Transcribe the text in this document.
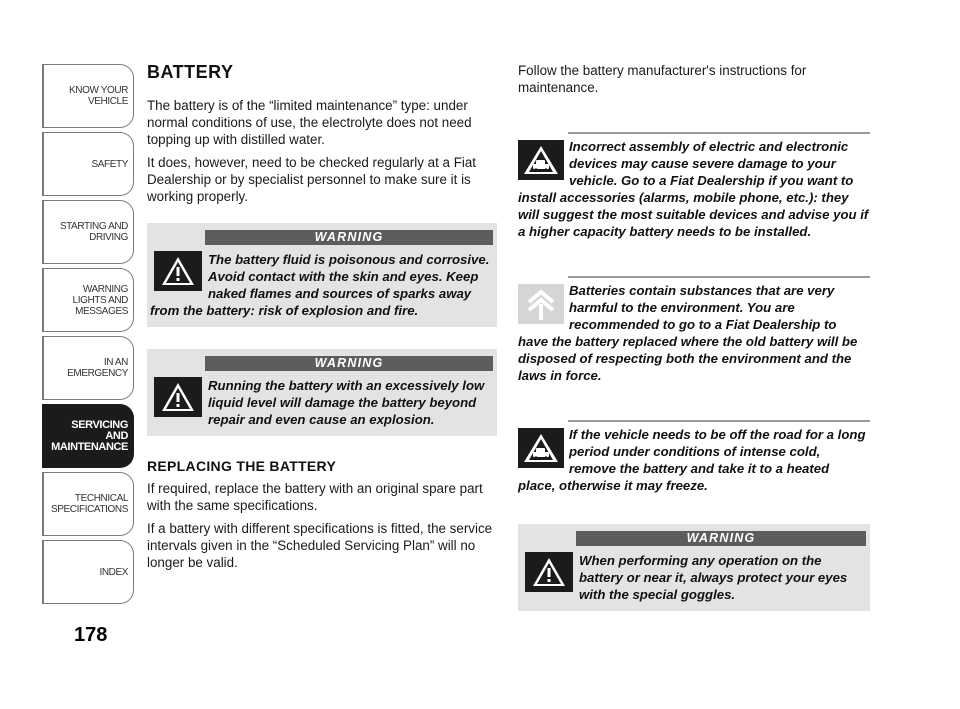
KNOW YOUR VEHICLE
SAFETY
STARTING AND DRIVING
WARNING LIGHTS AND MESSAGES
IN AN EMERGENCY
SERVICING AND MAINTENANCE
TECHNICAL SPECIFICATIONS
INDEX
178
BATTERY

The battery is of the “limited maintenance” type: under normal conditions of use, the electrolyte does not need topping up with distilled water.

It does, however, need to be checked regularly at a Fiat Dealership or by specialist personnel to make sure it is working properly.

WARNING
The battery fluid is poisonous and corrosive. Avoid contact with the skin and eyes. Keep naked flames and sources of sparks away from the battery: risk of explosion and fire.
WARNING
Running the battery with an excessively low liquid level will damage the battery beyond repair and even cause an explosion.
REPLACING THE BATTERY

If required, replace the battery with an original spare part with the same specifications.

If a battery with different specifications is fitted, the service intervals given in the “Scheduled Servicing Plan” will no longer be valid.

Follow the battery manufacturer's instructions for maintenance.

Incorrect assembly of electric and electronic devices may cause severe damage to your vehicle. Go to a Fiat Dealership if you want to install accessories (alarms, mobile phone, etc.): they will suggest the most suitable devices and advise you if a higher capacity battery needs to be installed.
Batteries contain substances that are very harmful to the environment. You are recommended to go to a Fiat Dealership to have the battery replaced where the old battery will be disposed of respecting both the environment and the laws in force.
If the vehicle needs to be off the road for a long period under conditions of intense cold, remove the battery and take it to a heated place, otherwise it may freeze.
WARNING
When performing any operation on the battery or near it, always protect your eyes with the special goggles.
